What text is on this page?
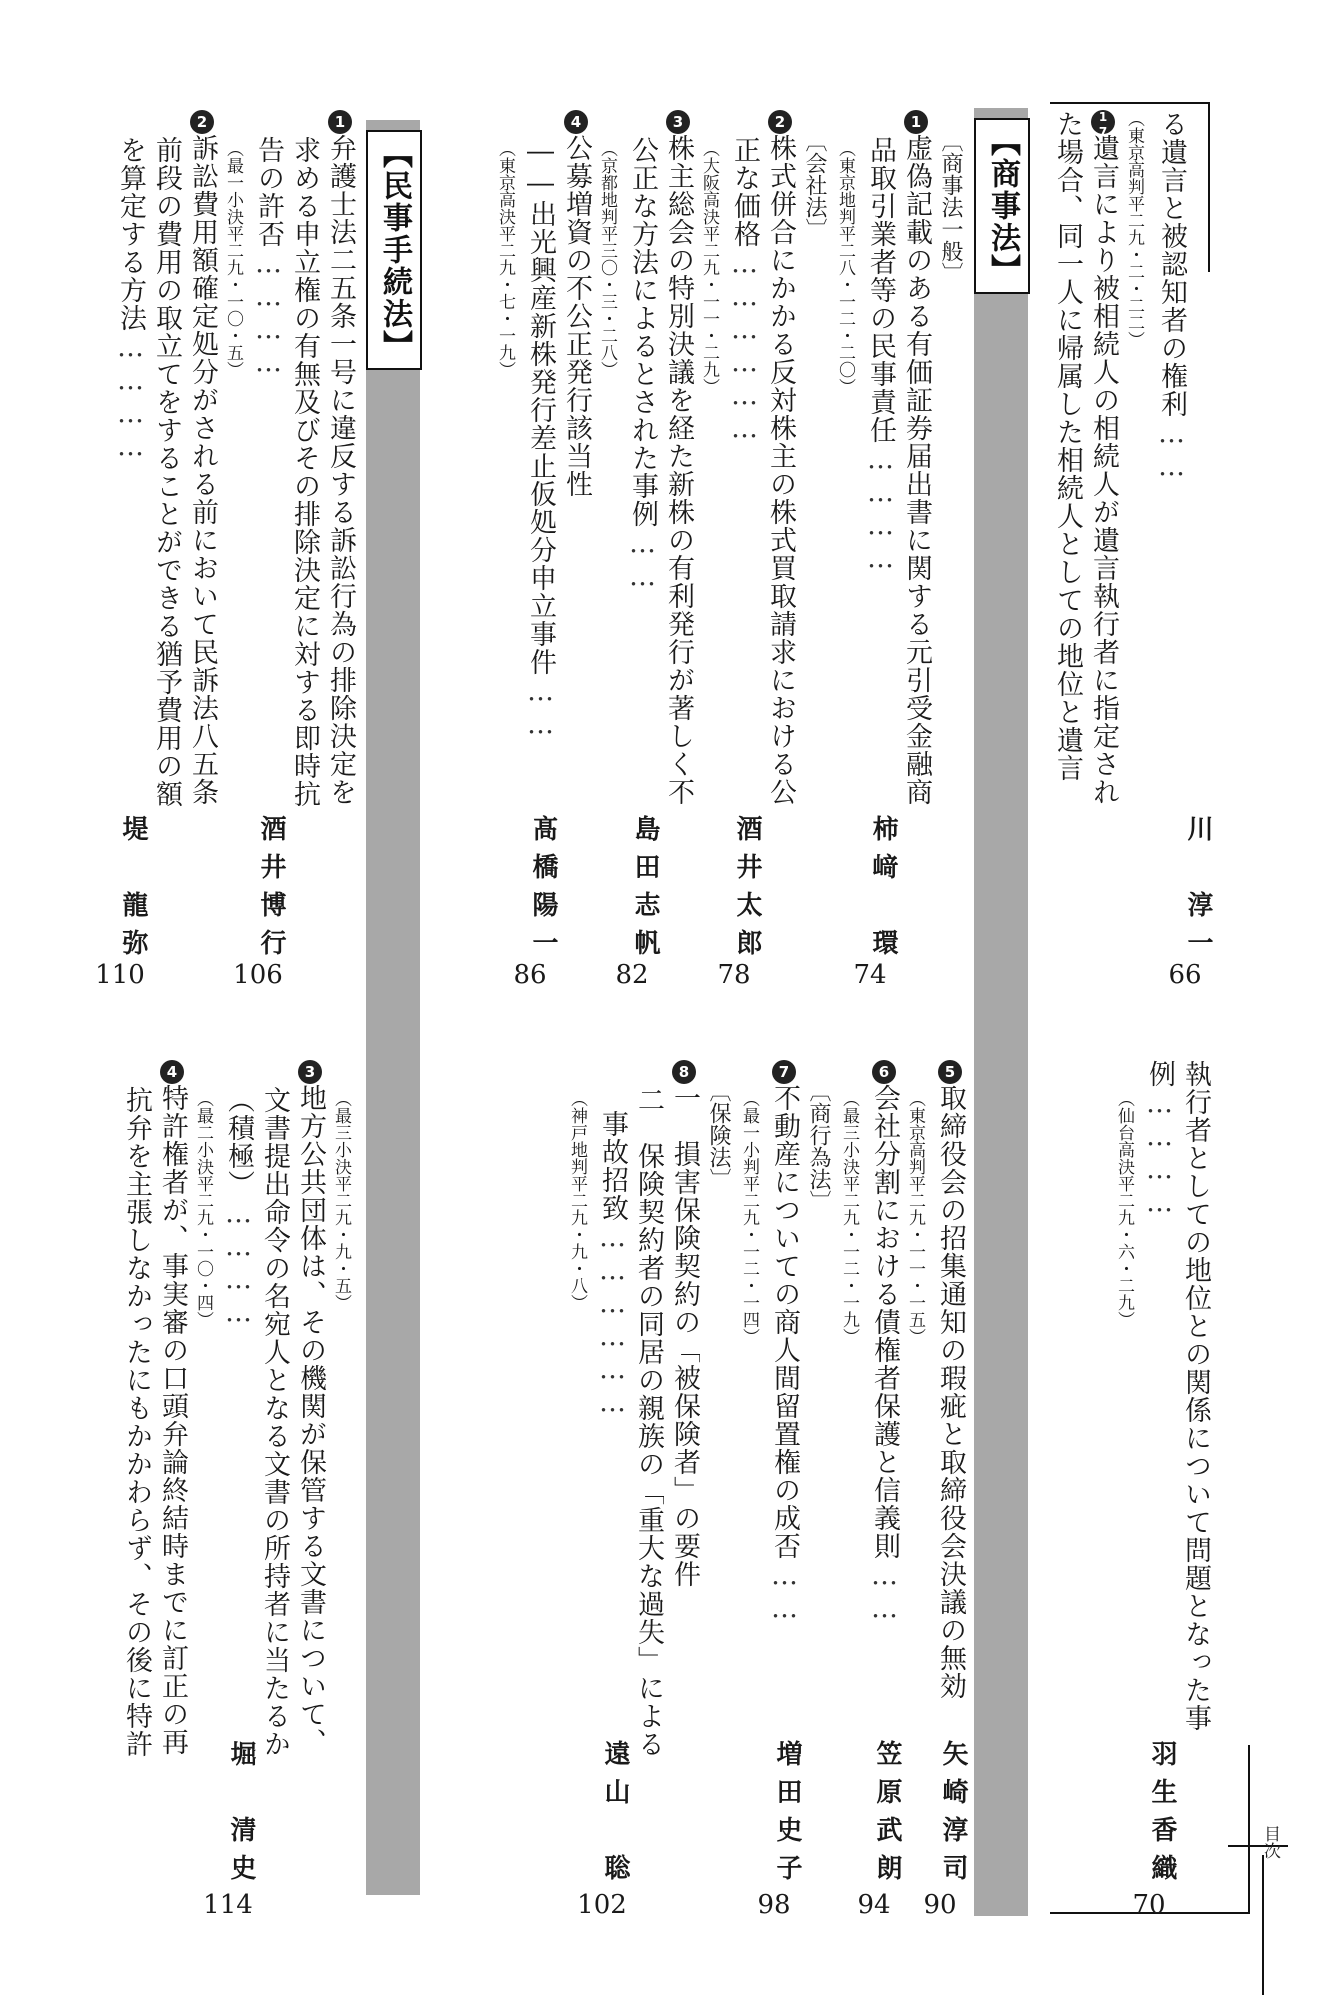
目次
【商事法】
【民事手続法】	る遺言と被認知者の権利……
川　淳一
66
（東京高判平二九・二・二二）
17遺言により被相続人の相続人が遺言執行者に指定され
た場合、同一人に帰属した相続人としての地位と遺言
〔商事法一般〕
1虚偽記載のある有価証券届出書に関する元引受金融商
品取引業者等の民事責任…………
柿﨑　環
74
（東京地判平二八・一二・二〇）
〔会社法〕
2株式併合にかかる反対株主の株式買取請求における公
正な価格………………
酒井太郎
78
（大阪高決平二九・一一・二九）
3株主総会の特別決議を経た新株の有利発行が著しく不
公正な方法によるとされた事例……
島田志帆
82
（京都地判平三〇・三・二八）
4公募増資の不公正発行該当性
――出光興産新株発行差止仮処分申立事件……
髙橋陽一
86
（東京高決平二九・七・一九）
1弁護士法二五条一号に違反する訴訟行為の排除決定を
求める申立権の有無及びその排除決定に対する即時抗
告の許否…………
酒井博行
106
（最一小決平二九・一〇・五）
2訴訟費用額確定処分がされる前において民訴法八五条
前段の費用の取立てをすることができる猶予費用の額
を算定する方法…………
堤　龍弥
110
執行者としての地位との関係について問題となった事
例…………
羽生香織
70
（仙台高決平二九・六・二九）
5取締役会の招集通知の瑕疵と取締役会決議の無効
矢崎淳司
90
（東京高判平二九・一一・一五）
6会社分割における債権者保護と信義則……
笠原武朗
94
（最三小決平二九・一二・一九）
〔商行為法〕
7不動産についての商人間留置権の成否……
増田史子
98
（最一小判平二九・一二・一四）
〔保険法〕
8一　損害保険契約の「被保険者」の要件
二　保険契約者の同居の親族の「重大な過失」による
事故招致………………
遠山　聡
102
（神戸地判平二九・九・八）
（最三小決平二九・九・五）
3地方公共団体は、その機関が保管する文書について、
文書提出命令の名宛人となる文書の所持者に当たるか
（積極）…………
堀　清史
114
（最二小決平二九・一〇・四）
4特許権者が、事実審の口頭弁論終結時までに訂正の再
抗弁を主張しなかったにもかかわらず、その後に特許
